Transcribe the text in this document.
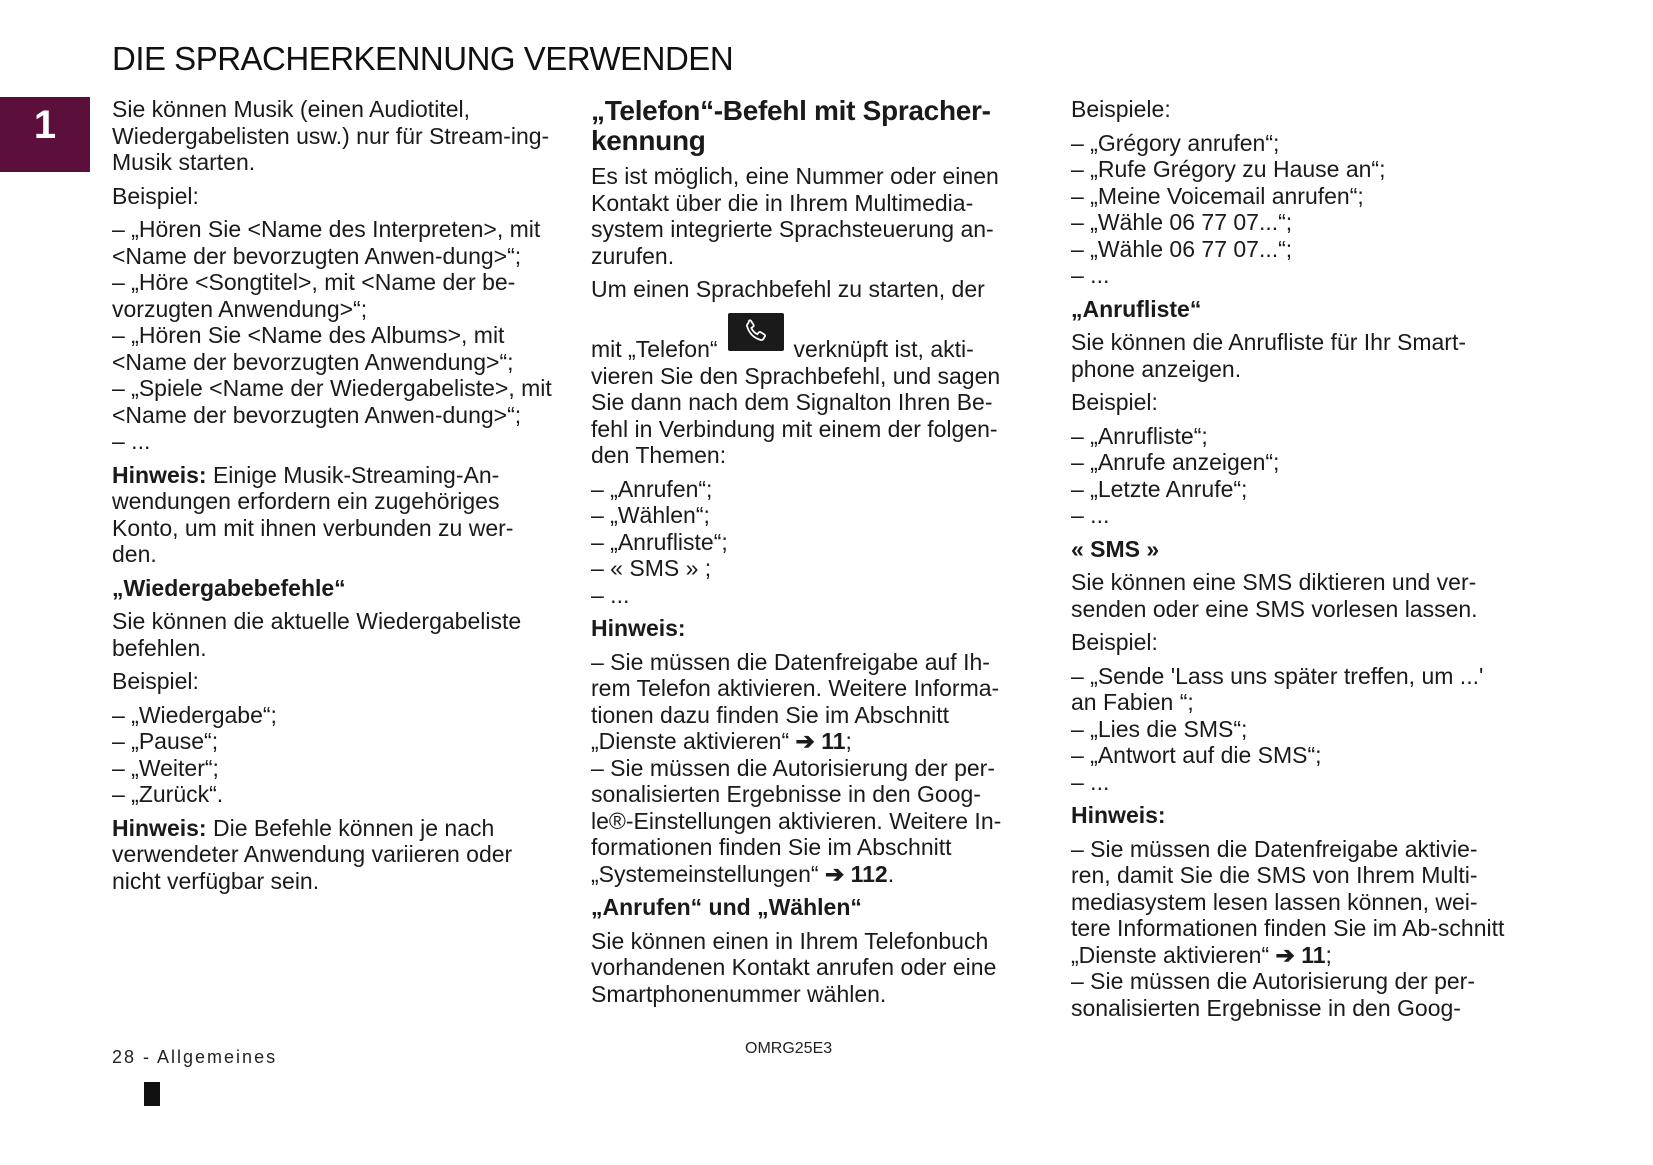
DIE SPRACHERKENNUNG VERWENDEN
1	Sie können Musik (einen Audiotitel, Wiedergabelisten usw.) nur für Stream-ing-Musik starten.

Beispiel:

– „Hören Sie <Name des Interpreten>, mit <Name der bevorzugten Anwen-dung>“;
– „Höre <Songtitel>, mit <Name der be-vorzugten Anwendung>“;
– „Hören Sie <Name des Albums>, mit <Name der bevorzugten Anwendung>“;
– „Spiele <Name der Wiedergabeliste>, mit <Name der bevorzugten Anwen-dung>“;
– ...

Hinweis: Einige Musik-Streaming-An-wendungen erfordern ein zugehöriges Konto, um mit ihnen verbunden zu wer-den.

„Wiedergabebefehle“

Sie können die aktuelle Wiedergabeliste befehlen.

Beispiel:

– „Wiedergabe“;
– „Pause“;
– „Weiter“;
– „Zurück“.

Hinweis: Die Befehle können je nach verwendeter Anwendung variieren oder nicht verfügbar sein.

„Telefon“-Befehl mit Spracher-kennung

Es ist möglich, eine Nummer oder einen Kontakt über die in Ihrem Multimedia-system integrierte Sprachsteuerung an-zurufen.

Um einen Sprachbefehl zu starten, der

mit „Telefon“	verknüpft ist, akti-
vieren Sie den Sprachbefehl, und sagen Sie dann nach dem Signalton Ihren Be-fehl in Verbindung mit einem der folgen-den Themen:

– „Anrufen“;
– „Wählen“;
– „Anrufliste“;
– « SMS » ;
– ...

Hinweis:

– Sie müssen die Datenfreigabe auf Ih-rem Telefon aktivieren. Weitere Informa-tionen dazu finden Sie im Abschnitt „Dienste aktivieren“ ➔ 11;
– Sie müssen die Autorisierung der per-sonalisierten Ergebnisse in den Goog-le®-Einstellungen aktivieren. Weitere In-formationen finden Sie im Abschnitt „Systemeinstellungen“ ➔ 112.

„Anrufen“ und „Wählen“

Sie können einen in Ihrem Telefonbuch vorhandenen Kontakt anrufen oder eine Smartphonenummer wählen.

Beispiele:

– „Grégory anrufen“;
– „Rufe Grégory zu Hause an“;
– „Meine Voicemail anrufen“;
– „Wähle 06 77 07...“;
– „Wähle 06 77 07...“;
– ...

„Anrufliste“

Sie können die Anrufliste für Ihr Smart-phone anzeigen.

Beispiel:

– „Anrufliste“;
– „Anrufe anzeigen“;
– „Letzte Anrufe“;
– ...

« SMS »

Sie können eine SMS diktieren und ver-senden oder eine SMS vorlesen lassen.

Beispiel:

– „Sende 'Lass uns später treffen, um ...' an Fabien “;
– „Lies die SMS“;
– „Antwort auf die SMS“;
– ...

Hinweis:

– Sie müssen die Datenfreigabe aktivie-ren, damit Sie die SMS von Ihrem Multi-mediasystem lesen lassen können, wei-tere Informationen finden Sie im Ab-schnitt „Dienste aktivieren“ ➔ 11;
– Sie müssen die Autorisierung der per-sonalisierten Ergebnisse in den Goog-
28 - Allgemeines	OMRG25E3
